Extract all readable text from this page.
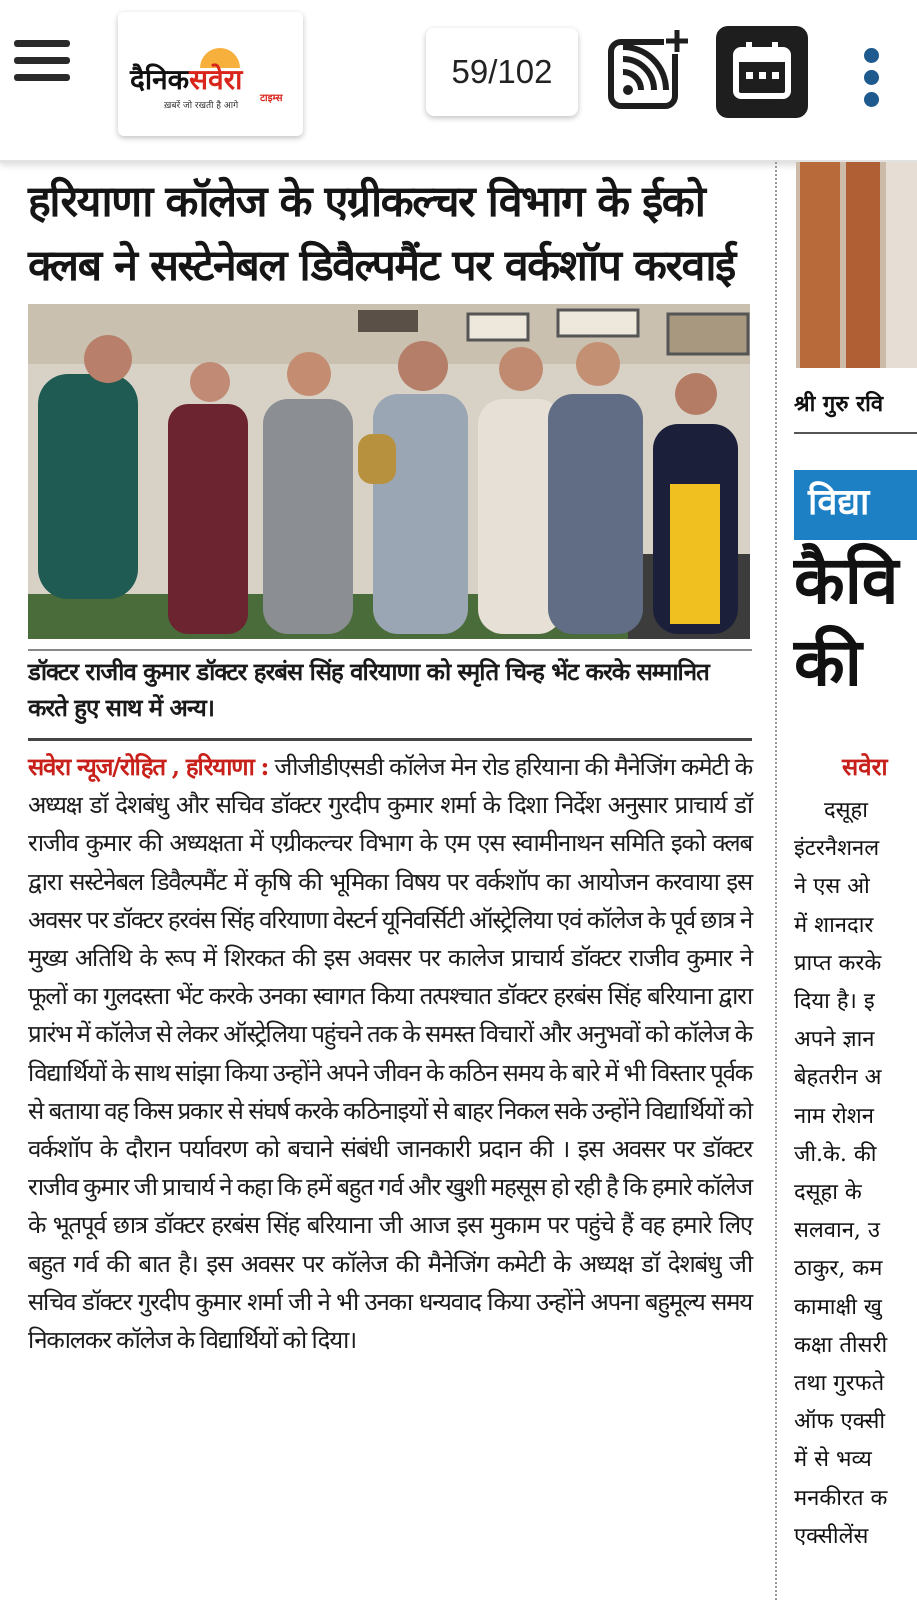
दैनिकसवेरा
टाइम्स
ख़बरें जो रखती है आगे
59/102
हरियाणा कॉलेज के एग्रीकल्चर विभाग के ईको क्लब ने सस्टेनेबल डिवैल्पमैंट पर वर्कशॉप करवाई

डॉक्टर राजीव कुमार डॉक्टर हरबंस सिंह वरियाणा को स्मृति चिन्ह भेंट करके सम्मानित करते हुए साथ में अन्य।

सवेरा न्यूज/रोहित , हरियाणा : जीजीडीएसडी कॉलेज मेन रोड हरियाना की मैनेजिंग कमेटी के अध्यक्ष डॉ देशबंधु और सचिव डॉक्टर गुरदीप कुमार शर्मा के दिशा निर्देश अनुसार प्राचार्य डॉ राजीव कुमार की अध्यक्षता में एग्रीकल्चर विभाग के एम एस स्वामीनाथन समिति इको क्लब द्वारा सस्टेनेबल डिवैल्पमैंट में कृषि की भूमिका विषय पर वर्कशॉप का आयोजन करवाया इस अवसर पर डॉक्टर हरवंस सिंह वरियाणा वेस्टर्न यूनिवर्सिटी ऑस्ट्रेलिया एवं कॉलेज के पूर्व छात्र ने मुख्य अतिथि के रूप में शिरकत की इस अवसर पर कालेज प्राचार्य डॉक्टर राजीव कुमार ने फूलों का गुलदस्ता भेंट करके उनका स्वागत किया तत्पश्चात डॉक्टर हरबंस सिंह बरियाना द्वारा प्रारंभ में कॉलेज से लेकर ऑस्ट्रेलिया पहुंचने तक के समस्त विचारों और अनुभवों को कॉलेज के विद्यार्थियों के साथ सांझा किया उन्होंने अपने जीवन के कठिन समय के बारे में भी विस्तार पूर्वक से बताया वह किस प्रकार से संघर्ष करके कठिनाइयों से बाहर निकल सके उन्होंने विद्यार्थियों को वर्कशॉप के दौरान पर्यावरण को बचाने संबंधी जानकारी प्रदान की । इस अवसर पर डॉक्टर राजीव कुमार जी प्राचार्य ने कहा कि हमें बहुत गर्व और खुशी महसूस हो रही है कि हमारे कॉलेज के भूतपूर्व छात्र डॉक्टर हरबंस सिंह बरियाना जी आज इस मुकाम पर पहुंचे हैं वह हमारे लिए बहुत गर्व की बात है। इस अवसर पर कॉलेज की मैनेजिंग कमेटी के अध्यक्ष डॉ देशबंधु जी सचिव डॉक्टर गुरदीप कुमार शर्मा जी ने भी उनका धन्यवाद किया उन्होंने अपना बहुमूल्य समय निकालकर कॉलेज के विद्यार्थियों को दिया।

श्री गुरु रवि
विद्या
कैवि
की
सवेरा
दसूहा
इंटरनैशनल
ने एस ओ
में शानदार
प्राप्त करके
दिया है। इ
अपने ज्ञान
बेहतरीन अ
नाम रोशन
जी.के. की
दसूहा के
सलवान, उ
ठाकुर, कम
कामाक्षी खु
कक्षा तीसरी
तथा गुरफते
ऑफ एक्सी
में से भव्य
मनकीरत क
एक्सीलेंस
